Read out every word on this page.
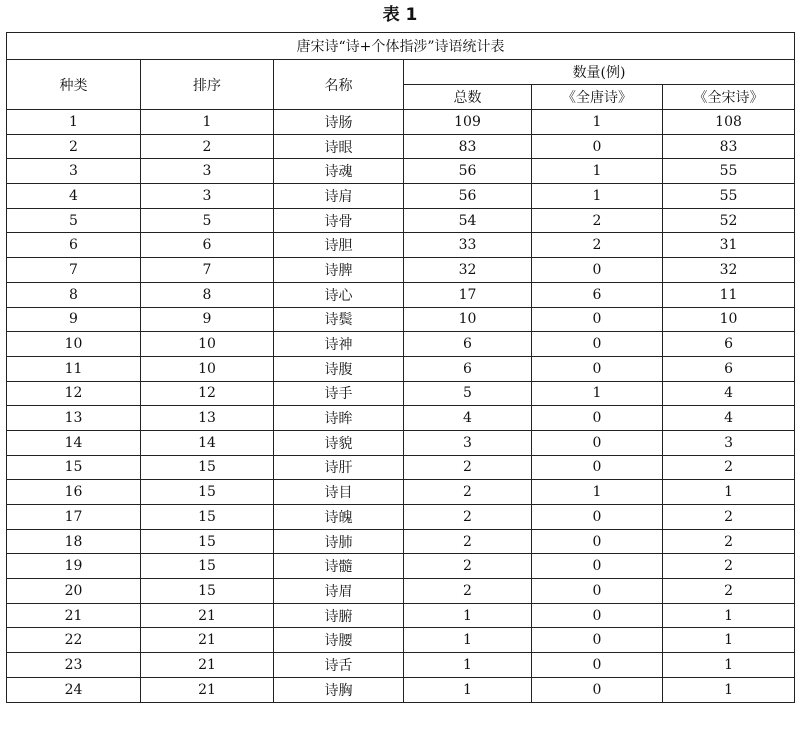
表 1
唐宋诗“诗+个体指涉”诗语统计表					
种类	排序	名称	数量(例)		
			总数	《全唐诗》	《全宋诗》
1	1	诗肠	109	1	108
2	2	诗眼	83	0	83
3	3	诗魂	56	1	55
4	3	诗肩	56	1	55
5	5	诗骨	54	2	52
6	6	诗胆	33	2	31
7	7	诗脾	32	0	32
8	8	诗心	17	6	11
9	9	诗鬓	10	0	10
10	10	诗神	6	0	6
11	10	诗腹	6	0	6
12	12	诗手	5	1	4
13	13	诗眸	4	0	4
14	14	诗貌	3	0	3
15	15	诗肝	2	0	2
16	15	诗目	2	1	1
17	15	诗魄	2	0	2
18	15	诗肺	2	0	2
19	15	诗髓	2	0	2
20	15	诗眉	2	0	2
21	21	诗腑	1	0	1
22	21	诗腰	1	0	1
23	21	诗舌	1	0	1
24	21	诗胸	1	0	1
